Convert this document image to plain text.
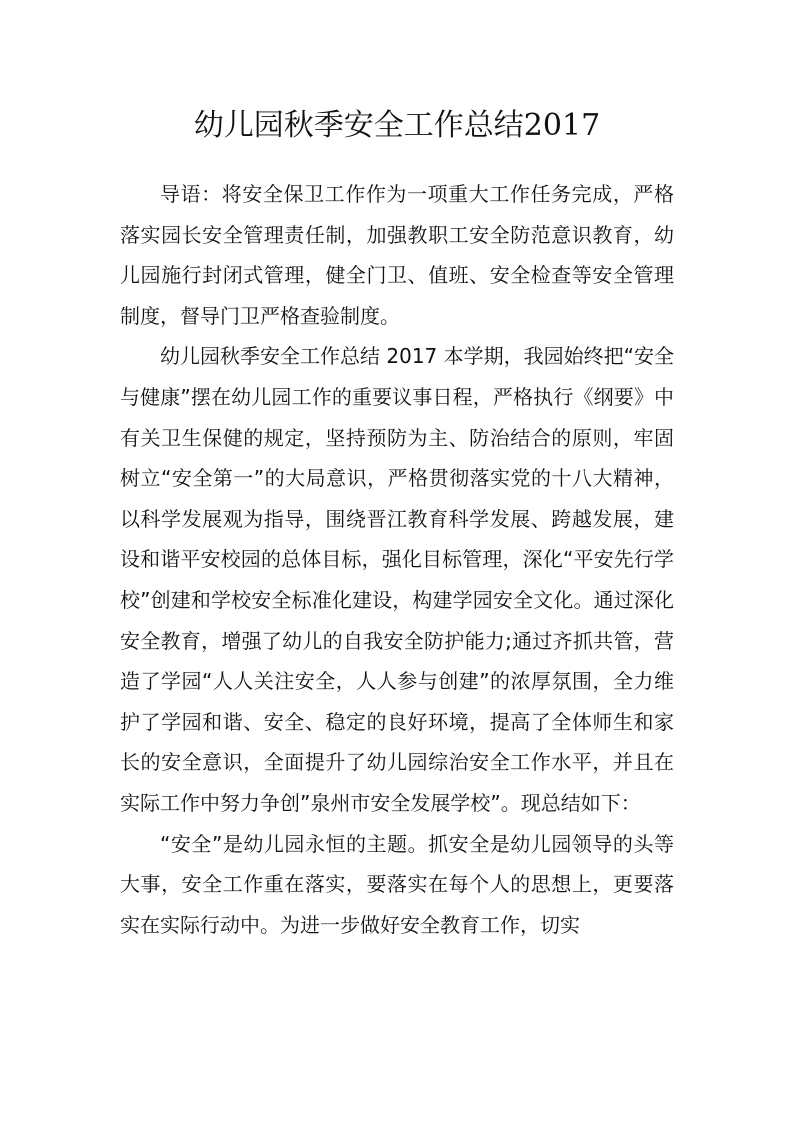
幼儿园秋季安全工作总结2017

导语：将安全保卫工作作为一项重大工作任务完成，严格落实园长安全管理责任制，加强教职工安全防范意识教育，幼儿园施行封闭式管理，健全门卫、值班、安全检查等安全管理制度，督导门卫严格查验制度。

幼儿园秋季安全工作总结 2017 本学期，我园始终把“安全与健康”摆在幼儿园工作的重要议事日程，严格执行《纲要》中有关卫生保健的规定，坚持预防为主、防治结合的原则，牢固树立“安全第一”的大局意识，严格贯彻落实党的十八大精神，以科学发展观为指导，围绕晋江教育科学发展、跨越发展，建设和谐平安校园的总体目标，强化目标管理，深化“平安先行学校”创建和学校安全标准化建设，构建学园安全文化。通过深化安全教育，增强了幼儿的自我安全防护能力;通过齐抓共管，营造了学园“人人关注安全，人人参与创建”的浓厚氛围，全力维护了学园和谐、安全、稳定的良好环境，提高了全体师生和家长的安全意识，全面提升了幼儿园综治安全工作水平，并且在实际工作中努力争创”泉州市安全发展学校”。现总结如下：

“安全”是幼儿园永恒的主题。抓安全是幼儿园领导的头等大事，安全工作重在落实，要落实在每个人的思想上，更要落实在实际行动中。为进一步做好安全教育工作，切实
